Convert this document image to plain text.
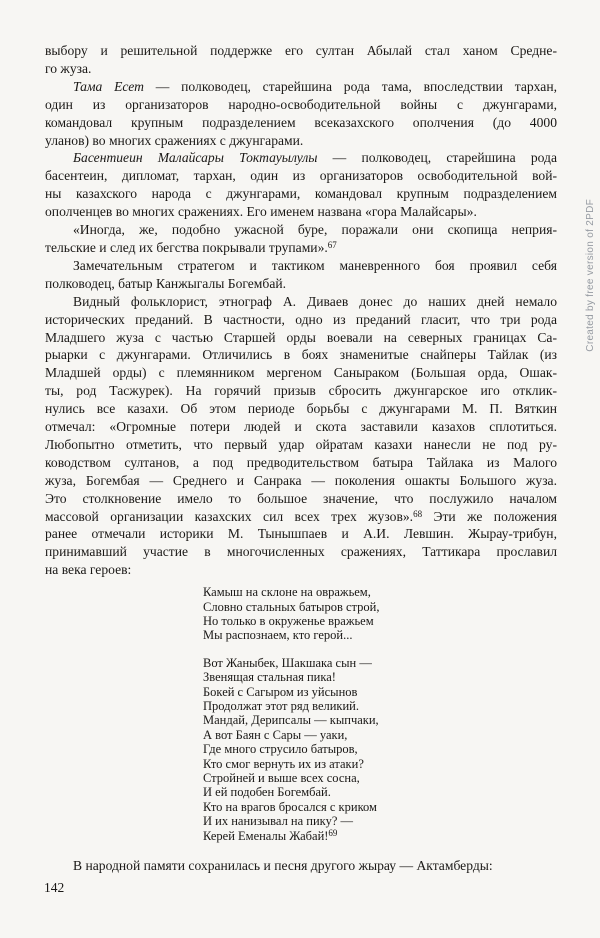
выбору и решительной поддержке его султан Абылай стал ханом Средне-
го жуза.
Тама Есет — полководец, старейшина рода тама, впоследствии тархан,
один из организаторов народно-освободительной войны с джунгарами,
командовал крупным подразделением всеказахского ополчения (до 4000
уланов) во многих сражениях с джунгарами.
Басентиеин Малайсары Токтауылулы — полководец, старейшина рода
басентеин, дипломат, тархан, один из организаторов освободительной вой-
ны казахского народа с джунгарами, командовал крупным подразделением
ополченцев во многих сражениях. Его именем названа «гора Малайсары».
«Иногда, же, подобно ужасной буре, поражали они скопища неприя-
тельские и след их бегства покрывали трупами».$^{67}$
Замечательным стратегом и тактиком маневренного боя проявил себя
полководец, батыр Канжыгалы Богембай.
Видный фольклорист, этнограф А. Диваев донес до наших дней немало
исторических преданий. В частности, одно из преданий гласит, что три рода
Младшего жуза с частью Старшей орды воевали на северных границах Са-
рыарки с джунгарами. Отличились в боях знаменитые снайперы Тайлак (из
Младшей орды) с племянником мергеном Саныраком (Большая орда, Ошак-
ты, род Тасжурек). На горячий призыв сбросить джунгарское иго отклик-
нулись все казахи. Об этом периоде борьбы с джунгарами М. П. Вяткин
отмечал: «Огромные потери людей и скота заставили казахов сплотиться.
Любопытно отметить, что первый удар ойратам казахи нанесли не под ру-
ководством султанов, а под предводительством батыра Тайлака из Малого
жуза, Богембая — Среднего и Санрака — поколения ошакты Большого жуза.
Это столкновение имело то большое значение, что послужило началом
массовой организации казахских сил всех трех жузов».$^{68}$ Эти же положения
ранее отмечали историки М. Тынышпаев и А.И. Левшин. Жырау-трибун,
принимавший участие в многочисленных сражениях, Таттикара прославил
на века героев:
Камыш на склоне на овражьем,
Словно стальных батыров строй,
Но только в окруженье вражьем
Мы распознаем, кто герой...
Вот Жаныбек, Шакшака сын —
Звенящая стальная пика!
Бокей с Сагыром из уйсынов
Продолжат этот ряд великий.
Мандай, Дерипсалы — кыпчаки,
А вот Баян с Сары — уаки,
Где много струсило батыров,
Кто смог вернуть их из атаки?
Стройней и выше всех сосна,
И ей подобен Богембай.
Кто на врагов бросался с криком
И их нанизывал на пику? —
Керей Еменалы Жабай!$^{69}$
В народной памяти сохранилась и песня другого жырау — Актамберды:
142
Created by free version of 2PDF
